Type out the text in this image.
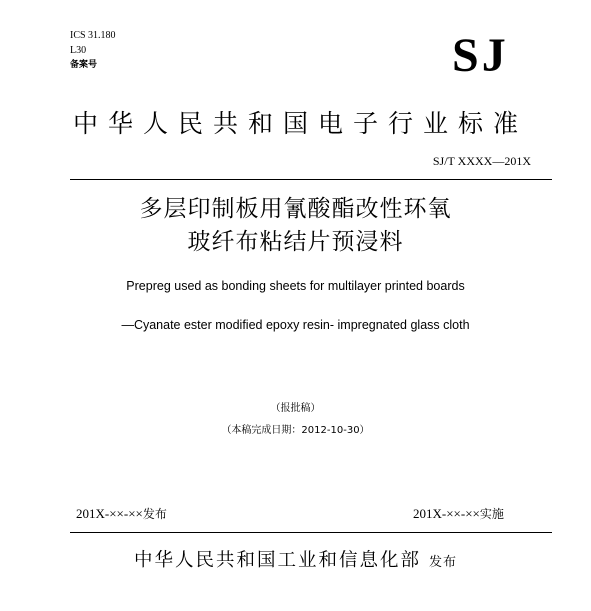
ICS 31.180
L30
备案号	SJ
中华人民共和国电子行业标准
SJ/T XXXX—201X
多层印制板用氰酸酯改性环氧
玻纤布粘结片预浸料
Prepreg used as bonding sheets for multilayer printed boards
—Cyanate ester modified epoxy resin- impregnated glass cloth
（报批稿）
（本稿完成日期：2012-10-30）
201X-××-××发布	201X-××-××实施
中华人民共和国工业和信息化部 发布
